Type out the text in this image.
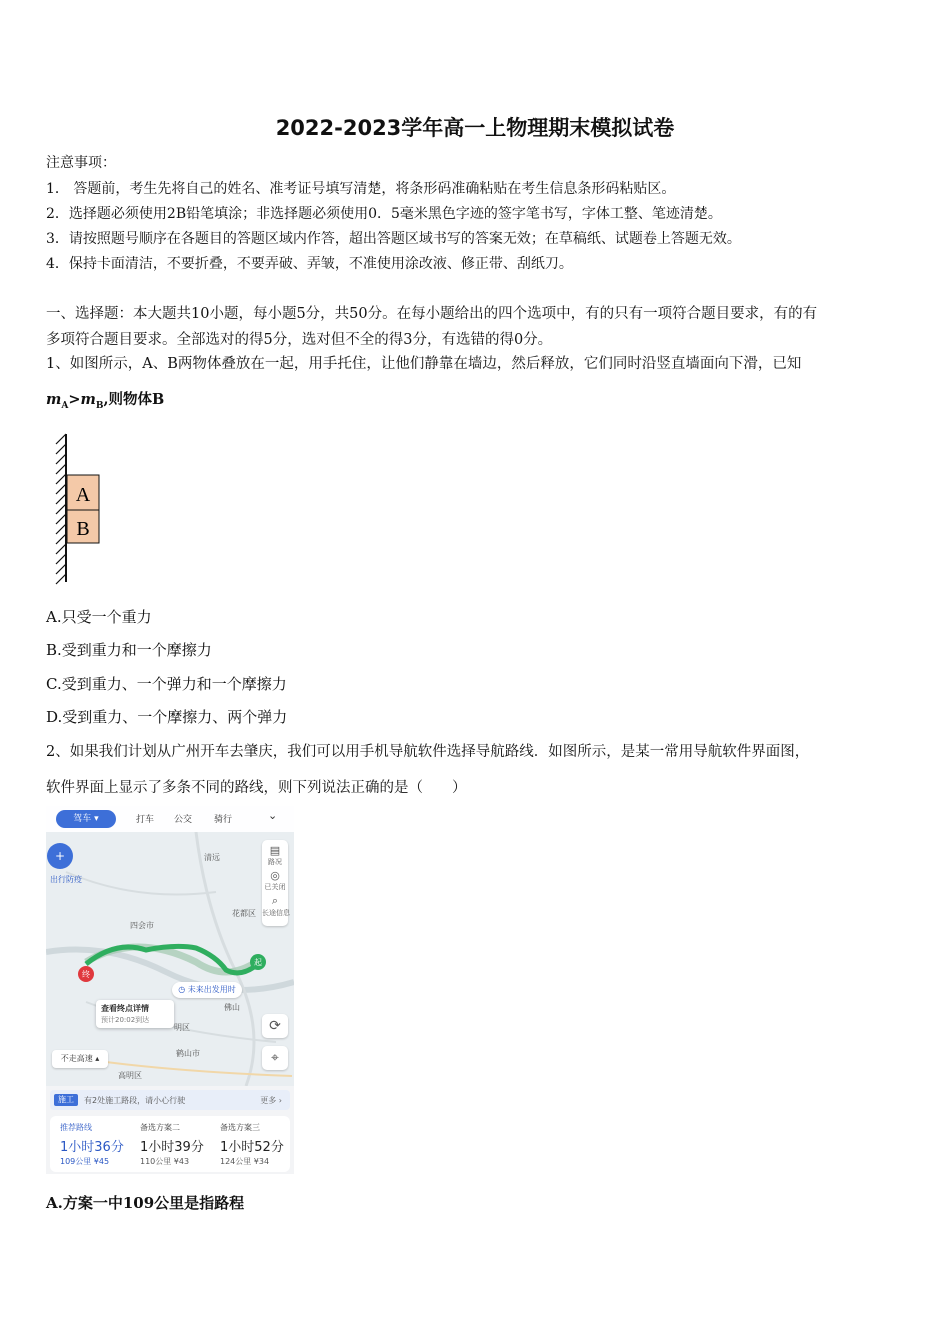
2022-2023学年高一上物理期末模拟试卷
注意事项：
1． 答题前，考生先将自己的姓名、准考证号填写清楚，将条形码准确粘贴在考生信息条形码粘贴区。
2．选择题必须使用2B铅笔填涂；非选择题必须使用0．5毫米黑色字迹的签字笔书写，字体工整、笔迹清楚。
3．请按照题号顺序在各题目的答题区域内作答，超出答题区域书写的答案无效；在草稿纸、试题卷上答题无效。
4．保持卡面清洁，不要折叠，不要弄破、弄皱，不准使用涂改液、修正带、刮纸刀。
一、选择题：本大题共10小题，每小题5分，共50分。在每小题给出的四个选项中，有的只有一项符合题目要求，有的有
多项符合题目要求。全部选对的得5分，选对但不全的得3分，有选错的得0分。
1、如图所示，A、B两物体叠放在一起，用手托住，让他们静靠在墙边，然后释放，它们同时沿竖直墙面向下滑，已知
$m_A>m_B$,则物体B
A
B
A.只受一个重力
B.受到重力和一个摩擦力
C.受到重力、一个弹力和一个摩擦力
D.受到重力、一个摩擦力、两个弹力
2、如果我们计划从广州开车去肇庆，我们可以用手机导航软件选择导航路线．如图所示，是某一常用导航软件界面图，
软件界面上显示了多条不同的路线，则下列说法正确的是（　　）
起
终
+
出行防疫
清远
花都区
四会市
佛山
明区
鹤山市
高明区
驾车 ▾	打车 公交 骑行	⌄
▤
路况
◎
已关闭
⌕
长途信息
⟳
⌖
◷ 未来出发用时
查看终点详情
预计20:02到达
不走高速 ▴
施工	有2处施工路段，请小心行驶	更多 ›
推荐路线
1小时36分
109公里 ¥45
备选方案二
1小时39分
110公里 ¥43
备选方案三
1小时52分
124公里 ¥34
A.方案一中109公里是指路程
